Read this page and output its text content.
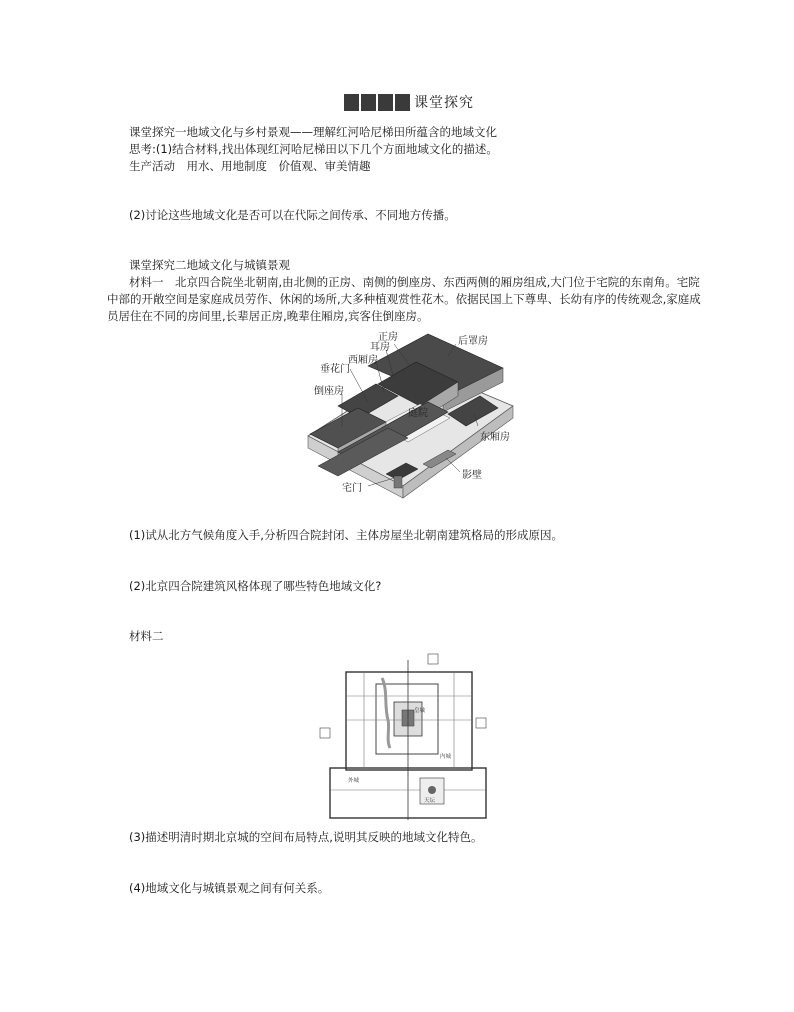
课堂探究
课堂探究一地域文化与乡村景观——理解红河哈尼梯田所蕴含的地域文化
思考:(1)结合材料,找出体现红河哈尼梯田以下几个方面地域文化的描述。
生产活动　用水、用地制度　价值观、审美情趣
(2)讨论这些地域文化是否可以在代际之间传承、不同地方传播。
课堂探究二地域文化与城镇景观
材料一　北京四合院坐北朝南,由北侧的正房、南侧的倒座房、东西两侧的厢房组成,大门位于宅院的东南角。宅院
中部的开敞空间是家庭成员劳作、休闲的场所,大多种植观赏性花木。依据民国上下尊卑、长幼有序的传统观念,家庭成
员居住在不同的房间里,长辈居正房,晚辈住厢房,宾客住倒座房。
正房	后罩房
耳房
西厢房
垂花门
倒座房
庭院
东厢房
影壁
宅门
(1)试从北方气候角度入手,分析四合院封闭、主体房屋坐北朝南建筑格局的形成原因。
(2)北京四合院建筑风格体现了哪些特色地域文化?
材料二
皇城
内城
外城
天坛
(3)描述明清时期北京城的空间布局特点,说明其反映的地域文化特色。
(4)地域文化与城镇景观之间有何关系。
